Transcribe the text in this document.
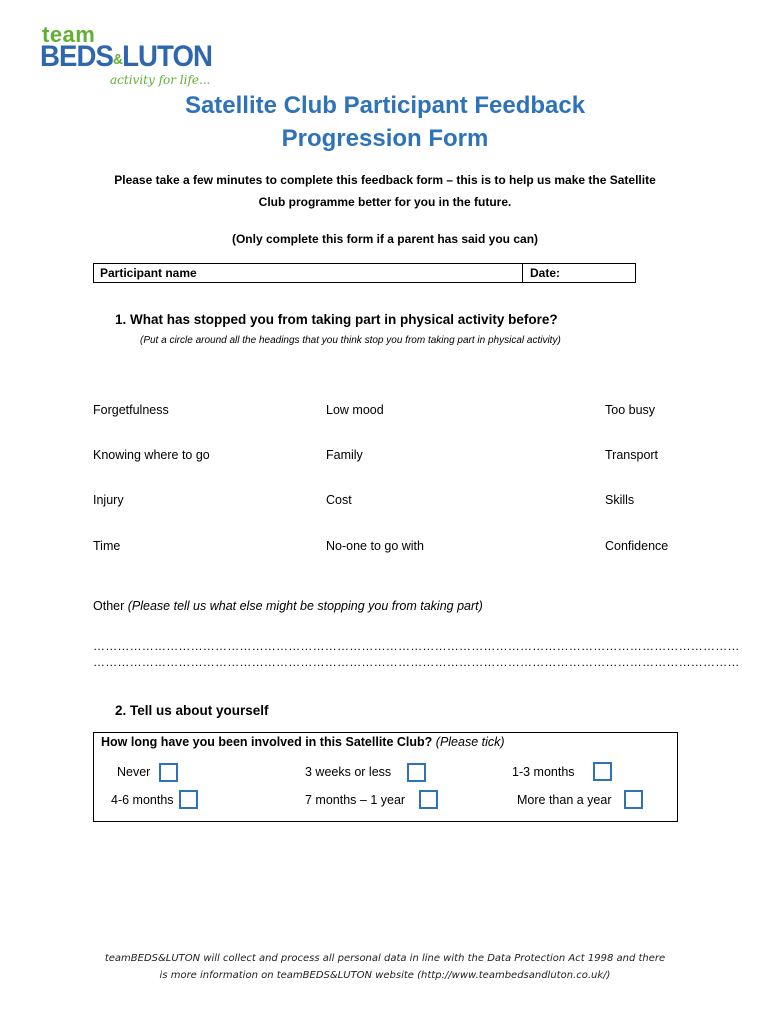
team
BEDS&LUTON
activity for life...
Satellite Club Participant Feedback
Progression Form
Please take a few minutes to complete this feedback form – this is to help us make the Satellite
Club programme better for you in the future.
(Only complete this form if a parent has said you can)
Participant name	Date:
1. What has stopped you from taking part in physical activity before?
(Put a circle around all the headings that you think stop you from taking part in physical activity)
Forgetfulness	Low mood	Too busy
Knowing where to go	Family	Transport
Injury	Cost	Skills
Time	No-one to go with	Confidence
Other (Please tell us what else might be stopping you from taking part)
……………………………………………………………………………………………………………………………………………
……………………………………………………………………………………………………………………………………………
2. Tell us about yourself
How long have you been involved in this Satellite Club? (Please tick)
Never	3 weeks or less	1-3 months
4-6 months	7 months – 1 year	More than a year
teamBEDS&LUTON will collect and process all personal data in line with the Data Protection Act 1998 and there
is more information on teamBEDS&LUTON website (http://www.teambedsandluton.co.uk/)
